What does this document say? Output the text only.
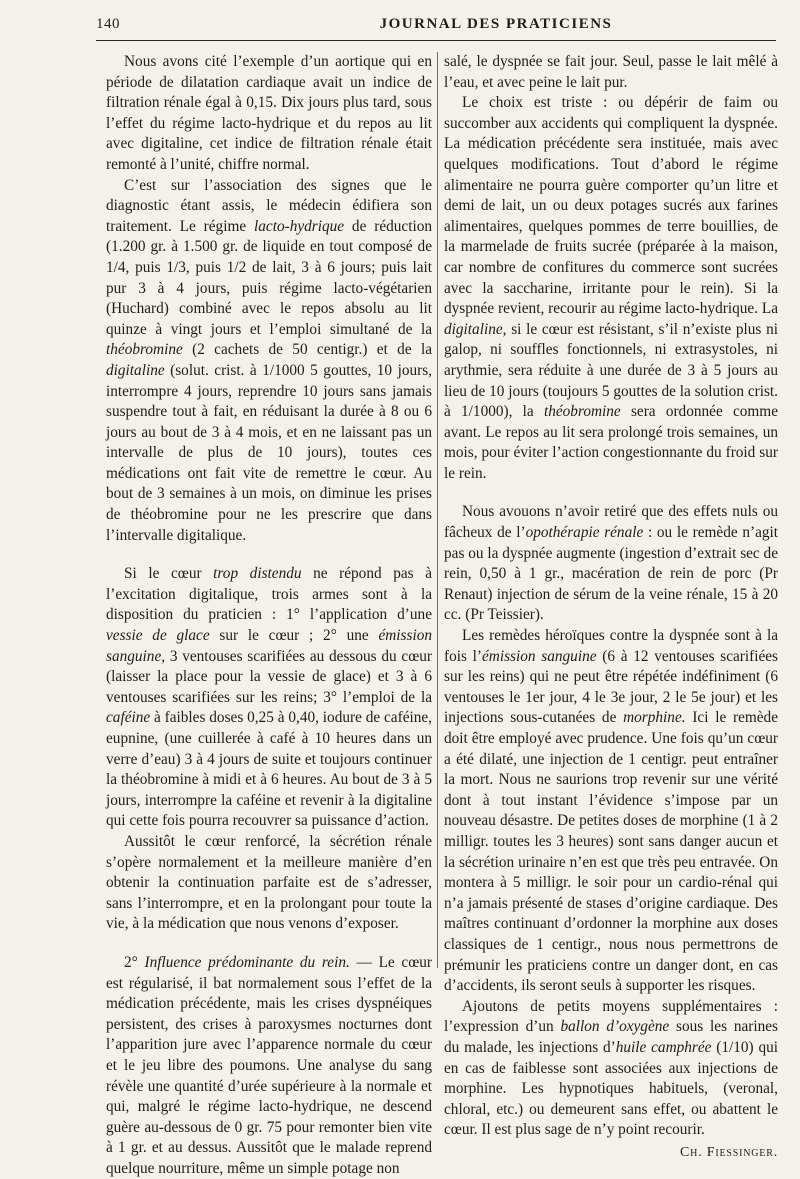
140	JOURNAL DES PRATICIENS

Nous avons cité l’exemple d’un aortique qui en période de dilatation cardiaque avait un indice de filtration rénale égal à 0,15. Dix jours plus tard, sous l’effet du régime lacto-hydrique et du repos au lit avec digitaline, cet indice de filtration rénale était remonté à l’unité, chiffre normal.

C’est sur l’association des signes que le diagnostic étant assis, le médecin édifiera son traitement. Le régime lacto-hydrique de réduction (1.200 gr. à 1.500 gr. de liquide en tout composé de 1/4, puis 1/3, puis 1/2 de lait, 3 à 6 jours; puis lait pur 3 à 4 jours, puis régime lacto-végétarien (Huchard) combiné avec le repos absolu au lit quinze à vingt jours et l’emploi simultané de la théobromine (2 cachets de 50 centigr.) et de la digitaline (solut. crist. à 1/1000 5 gouttes, 10 jours, interrompre 4 jours, reprendre 10 jours sans jamais suspendre tout à fait, en réduisant la durée à 8 ou 6 jours au bout de 3 à 4 mois, et en ne laissant pas un intervalle de plus de 10 jours), toutes ces médications ont fait vite de remettre le cœur. Au bout de 3 semaines à un mois, on diminue les prises de théobromine pour ne les prescrire que dans l’intervalle digitalique.

Si le cœur trop distendu ne répond pas à l’excitation digitalique, trois armes sont à la disposition du praticien : 1° l’application d’une vessie de glace sur le cœur ; 2° une émission sanguine, 3 ventouses scarifiées au dessous du cœur (laisser la place pour la vessie de glace) et 3 à 6 ventouses scarifiées sur les reins; 3° l’emploi de la caféine à faibles doses 0,25 à 0,40, iodure de caféine, eupnine, (une cuillerée à café à 10 heures dans un verre d’eau) 3 à 4 jours de suite et toujours continuer la théobromine à midi et à 6 heures. Au bout de 3 à 5 jours, interrompre la caféine et revenir à la digitaline qui cette fois pourra recouvrer sa puissance d’action.

Aussitôt le cœur renforcé, la sécrétion rénale s’opère normalement et la meilleure manière d’en obtenir la continuation parfaite est de s’adresser, sans l’interrompre, et en la prolongant pour toute la vie, à la médication que nous venons d’exposer.

2° Influence prédominante du rein. — Le cœur est régularisé, il bat normalement sous l’effet de la médication précédente, mais les crises dyspnéiques persistent, des crises à paroxysmes nocturnes dont l’apparition jure avec l’apparence normale du cœur et le jeu libre des poumons. Une analyse du sang révèle une quantité d’urée supérieure à la normale et qui, malgré le régime lacto-hydrique, ne descend guère au-dessous de 0 gr. 75 pour remonter bien vite à 1 gr. et au dessus. Aussitôt que le malade reprend quelque nourriture, même un simple potage non

salé, le dyspnée se fait jour. Seul, passe le lait mêlé à l’eau, et avec peine le lait pur.

Le choix est triste : ou dépérir de faim ou succomber aux accidents qui compliquent la dyspnée. La médication précédente sera instituée, mais avec quelques modifications. Tout d’abord le régime alimentaire ne pourra guère comporter qu’un litre et demi de lait, un ou deux potages sucrés aux farines alimentaires, quelques pommes de terre bouillies, de la marmelade de fruits sucrée (préparée à la maison, car nombre de confitures du commerce sont sucrées avec la saccharine, irritante pour le rein). Si la dyspnée revient, recourir au régime lacto-hydrique. La digitaline, si le cœur est résistant, s’il n’existe plus ni galop, ni souffles fonctionnels, ni extrasystoles, ni arythmie, sera réduite à une durée de 3 à 5 jours au lieu de 10 jours (toujours 5 gouttes de la solution crist. à 1/1000), la théobromine sera ordonnée comme avant. Le repos au lit sera prolongé trois semaines, un mois, pour éviter l’action congestionnante du froid sur le rein.

Nous avouons n’avoir retiré que des effets nuls ou fâcheux de l’opothérapie rénale : ou le remède n’agit pas ou la dyspnée augmente (ingestion d’extrait sec de rein, 0,50 à 1 gr., macération de rein de porc (Pr Renaut) injection de sérum de la veine rénale, 15 à 20 cc. (Pr Teissier).

Les remèdes héroïques contre la dyspnée sont à la fois l’émission sanguine (6 à 12 ventouses scarifiées sur les reins) qui ne peut être répétée indéfiniment (6 ventouses le 1er jour, 4 le 3e jour, 2 le 5e jour) et les injections sous-cutanées de morphine. Ici le remède doit être employé avec prudence. Une fois qu’un cœur a été dilaté, une injection de 1 centigr. peut entraîner la mort. Nous ne saurions trop revenir sur une vérité dont à tout instant l’évidence s’impose par un nouveau désastre. De petites doses de morphine (1 à 2 milligr. toutes les 3 heures) sont sans danger aucun et la sécrétion urinaire n’en est que très peu entravée. On montera à 5 milligr. le soir pour un cardio-rénal qui n’a jamais présenté de stases d’origine cardiaque. Des maîtres continuant d’ordonner la morphine aux doses classiques de 1 centigr., nous nous permettrons de prémunir les praticiens contre un danger dont, en cas d’accidents, ils seront seuls à supporter les risques.

Ajoutons de petits moyens supplémentaires : l’expression d’un ballon d’oxygène sous les narines du malade, les injections d’huile camphrée (1/10) qui en cas de faiblesse sont associées aux injections de morphine. Les hypnotiques habituels, (veronal, chloral, etc.) ou demeurent sans effet, ou abattent le cœur. Il est plus sage de n’y point recourir.

Ch. Fiessinger.
